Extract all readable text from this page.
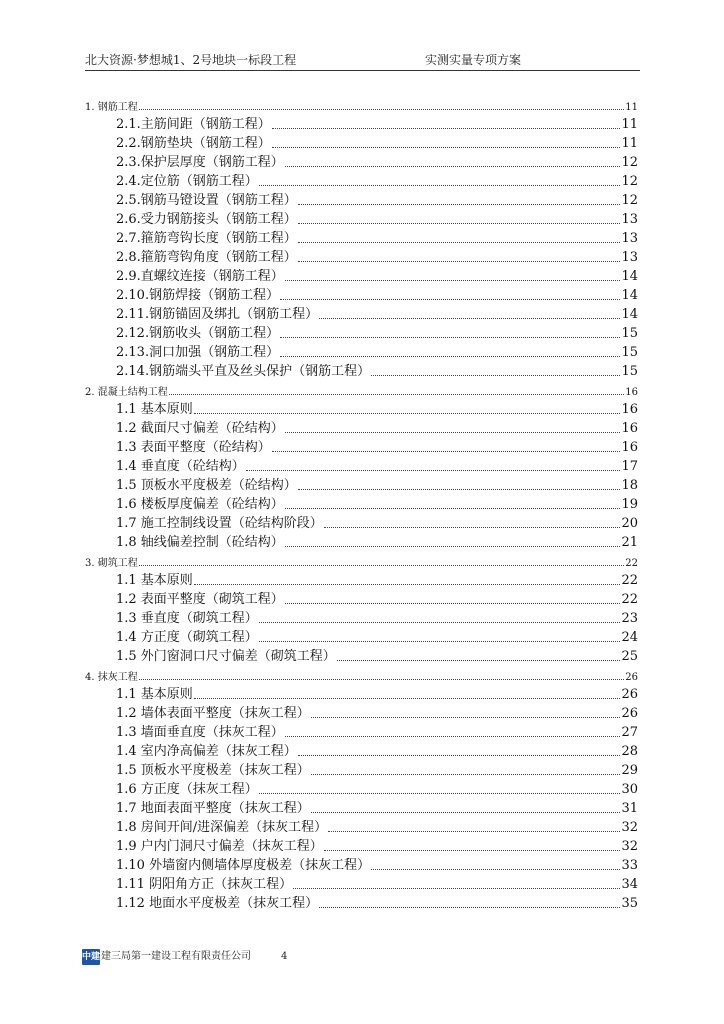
北大资源·梦想城1、2号地块一标段工程	实测实量专项方案
1. 钢筋工程	11
2.1.主筋间距（钢筋工程）	11
2.2.钢筋垫块（钢筋工程）	11
2.3.保护层厚度（钢筋工程）	12
2.4.定位筋（钢筋工程）	12
2.5.钢筋马镫设置（钢筋工程）	12
2.6.受力钢筋接头（钢筋工程）	13
2.7.箍筋弯钩长度（钢筋工程）	13
2.8.箍筋弯钩角度（钢筋工程）	13
2.9.直螺纹连接（钢筋工程）	14
2.10.钢筋焊接（钢筋工程）	14
2.11.钢筋锚固及绑扎（钢筋工程）	14
2.12.钢筋收头（钢筋工程）	15
2.13.洞口加强（钢筋工程）	15
2.14.钢筋端头平直及丝头保护（钢筋工程）	15
2. 混凝土结构工程	16
1.1 基本原则	16
1.2 截面尺寸偏差（砼结构）	16
1.3 表面平整度（砼结构）	16
1.4 垂直度（砼结构）	17
1.5 顶板水平度极差（砼结构）	18
1.6 楼板厚度偏差（砼结构）	19
1.7 施工控制线设置（砼结构阶段）	20
1.8 轴线偏差控制（砼结构）	21
3. 砌筑工程	22
1.1 基本原则	22
1.2 表面平整度（砌筑工程）	22
1.3 垂直度（砌筑工程）	23
1.4 方正度（砌筑工程）	24
1.5 外门窗洞口尺寸偏差（砌筑工程）	25
4. 抹灰工程	26
1.1 基本原则	26
1.2 墙体表面平整度（抹灰工程）	26
1.3 墙面垂直度（抹灰工程）	27
1.4 室内净高偏差（抹灰工程）	28
1.5 顶板水平度极差（抹灰工程）	29
1.6 方正度（抹灰工程）	30
1.7 地面表面平整度（抹灰工程）	31
1.8 房间开间/进深偏差（抹灰工程）	32
1.9 户内门洞尺寸偏差（抹灰工程）	32
1.10 外墙窗内侧墙体厚度极差（抹灰工程）	33
1.11 阴阳角方正（抹灰工程）	34
1.12 地面水平度极差（抹灰工程）	35
中建 建三局第一建设工程有限责任公司	4
